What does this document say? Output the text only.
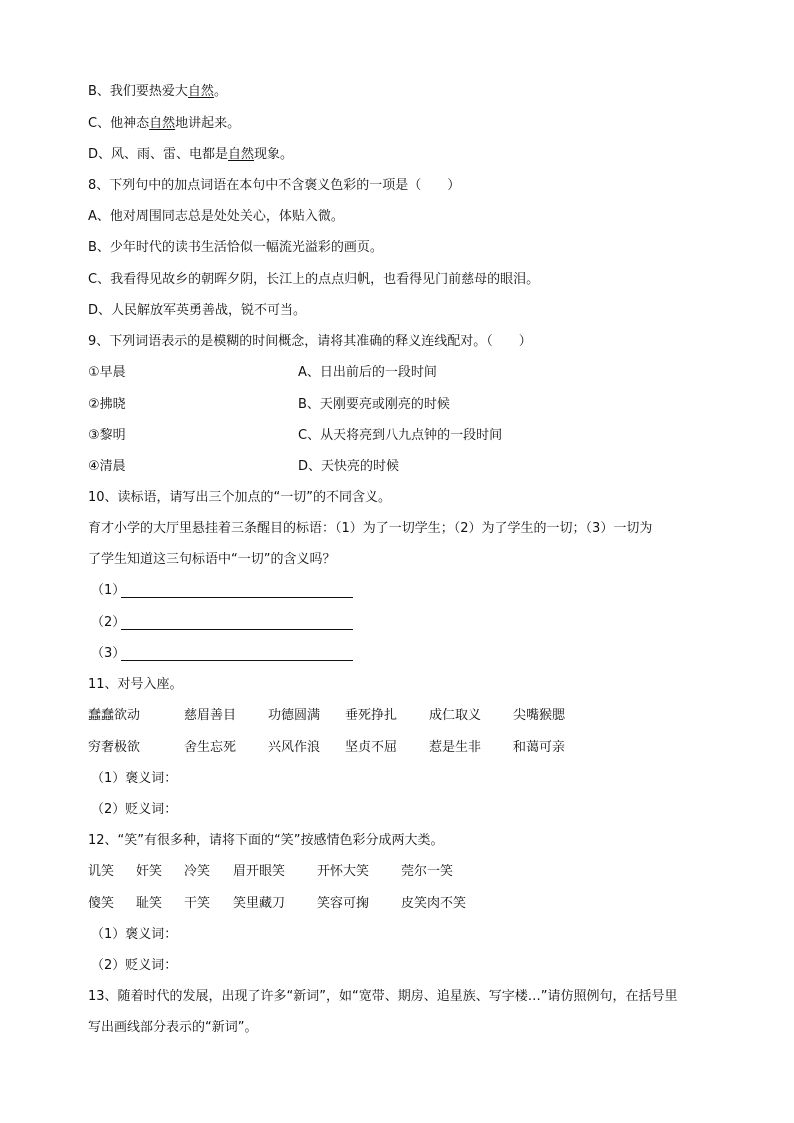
B、我们要热爱大自然。
C、他神态自然地讲起来。
D、风、雨、雷、电都是自然现象。
8、下列句中的加点词语在本句中不含褒义色彩的一项是（　　）
A、他对周围同志总是处处关心，体贴入微。
B、少年时代的读书生活恰似一幅流光溢彩的画页。
C、我看得见故乡的朝晖夕阴，长江上的点点归帆，也看得见门前慈母的眼泪。
D、人民解放军英勇善战，锐不可当。
9、下列词语表示的是模糊的时间概念，请将其准确的释义连线配对。（　　）
①早晨	A、日出前后的一段时间
②拂晓	B、天刚要亮或刚亮的时候
③黎明	C、从天将亮到八九点钟的一段时间
④清晨	D、天快亮的时候
10、读标语，请写出三个加点的“一切”的不同含义。
育才小学的大厅里悬挂着三条醒目的标语：（1）为了一切学生；（2）为了学生的一切；（3）一切为
了学生知道这三句标语中“一切”的含义吗？
（1）
（2）
（3）
11、对号入座。
蠢蠢欲动	慈眉善目 功德圆满 垂死挣扎 成仁取义 尖嘴猴腮
穷奢极欲	舍生忘死 兴风作浪 坚贞不屈 惹是生非 和蔼可亲
（1）褒义词：
（2）贬义词：
12、“笑”有很多种，请将下面的“笑”按感情色彩分成两大类。
讥笑 奸笑 冷笑 眉开眼笑 开怀大笑 莞尔一笑
傻笑 耻笑 干笑 笑里藏刀 笑容可掬 皮笑肉不笑
（1）褒义词：
（2）贬义词：
13、随着时代的发展，出现了许多“新词”，如“宽带、期房、追星族、写字楼…”请仿照例句，在括号里
写出画线部分表示的“新词”。
